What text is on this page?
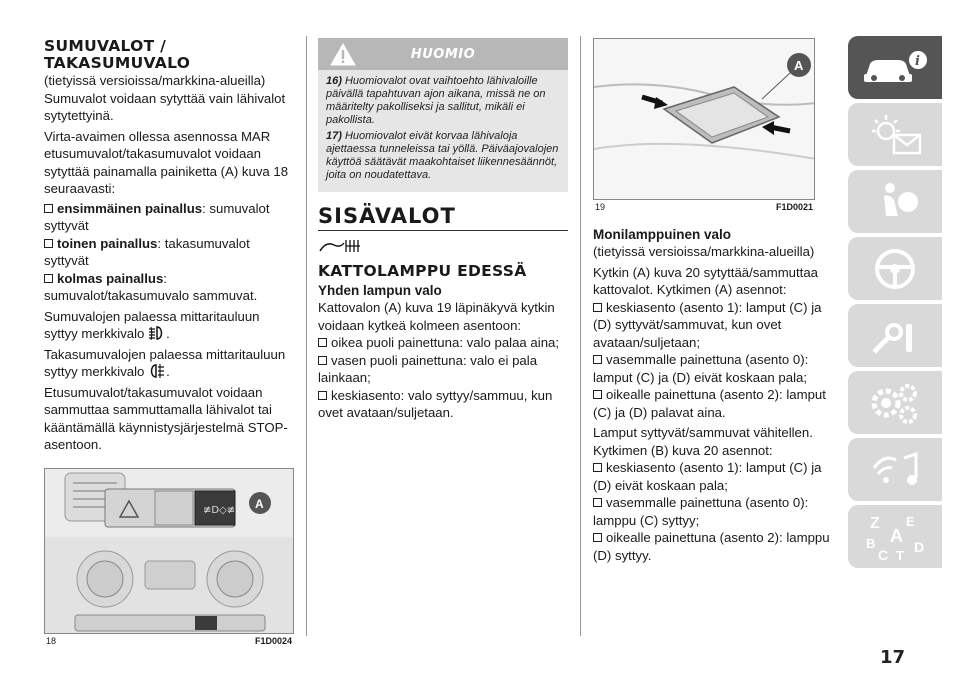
SUMUVALOT /
TAKASUMUVALO
(tietyissä versioissa/markkina-alueilla)
Sumuvalot voidaan sytyttää vain lähivalot sytytettyinä.
Virta-avaimen ollessa asennossa MAR etusumuvalot/takasumuvalot voidaan sytyttää painamalla painiketta (A) kuva 18 seuraavasti:
ensimmäinen painallus: sumuvalot syttyvät
toinen painallus: takasumuvalot syttyvät
kolmas painallus: sumuvalot/takasumuvalo sammuvat.
Sumuvalojen palaessa mittaritauluun syttyy merkkivalo .
Takasumuvalojen palaessa mittaritauluun syttyy merkkivalo .
Etusumuvalot/takasumuvalot voidaan sammuttaa sammuttamalla lähivalot tai kääntämällä käynnistysjärjestelmä STOP-asentoon.
≢D◇≢ A
18	F1D0024
HUOMIO

16) Huomiovalot ovat vaihtoehto lähivaloille päivällä tapahtuvan ajon aikana, missä ne on määritelty pakolliseksi ja sallitut, mikäli ei pakollista.

17) Huomiovalot eivät korvaa lähivaloja ajettaessa tunneleissa tai yöllä. Päiväajovalojen käyttöä säätävät maakohtaiset liikennesäännöt, joita on noudatettava.

SISÄVALOT
KATTOLAMPPU EDESSÄ
Yhden lampun valo
Kattovalon (A) kuva 19 läpinäkyvä kytkin voidaan kytkeä kolmeen asentoon:
oikea puoli painettuna: valo palaa aina;
vasen puoli painettuna: valo ei pala lainkaan;
keskiasento: valo syttyy/sammuu, kun ovet avataan/suljetaan.
A
19	F1D0021
Monilamppuinen valo
(tietyissä versioissa/markkina-alueilla)
Kytkin (A) kuva 20 sytyttää/sammuttaa kattovalot. Kytkimen (A) asennot:
keskiasento (asento 1): lamput (C) ja (D) syttyvät/sammuvat, kun ovet avataan/suljetaan;
vasemmalle painettuna (asento 0): lamput (C) ja (D) eivät koskaan pala;
oikealle painettuna (asento 2): lamput (C) ja (D) palavat aina.
Lamput syttyvät/sammuvat vähitellen. Kytkimen (B) kuva 20 asennot:
keskiasento (asento 1): lamput (C) ja (D) eivät koskaan pala;
vasemmalle painettuna (asento 0): lamppu (C) syttyy;
oikealle painettuna (asento 2): lamppu (D) syttyy.
i
Z E
A
B
C T
D
17
